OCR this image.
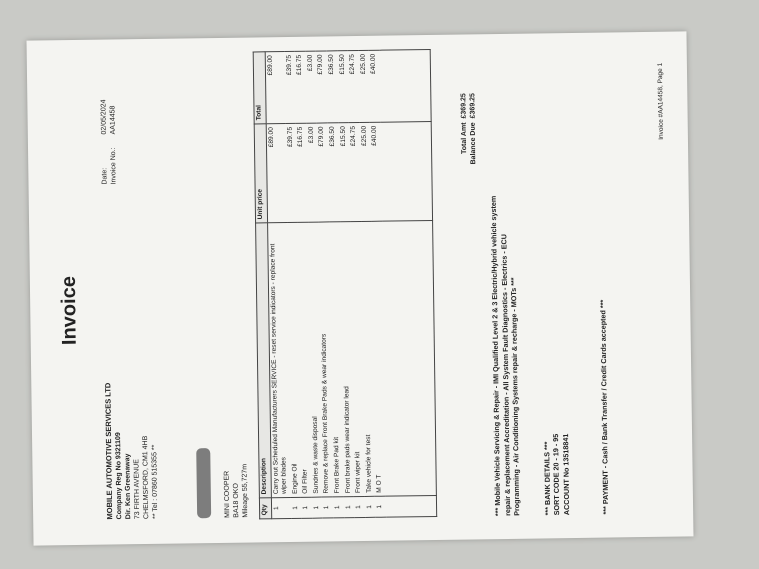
Invoice
MOBILE AUTOMOTIVE SERVICES LTD Company Reg No 9321109 Dir. Ken Greenaway 73 FIRTH AVENUE CHELMSFORD, CM1 4HB ** Tel : 07860 515355 **
Date:
02/05/2024
Invoice No.:
AA14458
MINI COOPER BA18 OKO Mileage 55,727m Qty	Description	Unit price	Total
1	Carry out Scheduled Manufacturers SERVICE - reset service indicators - replace front wiper blades	£89.00	£89.00
1	Engine Oil	£39.75	£39.75
1	Oil Filter	£16.75	£16.75
1	Sundries & waste disposal	£3.00	£3.00
1	Remove & replace Front Brake Pads & wear indicators	£79.00	£79.00
1	Front Brake Pad kit	£36.50	£36.50
1	Front brake pads wear indicator lead	£15.50	£15.50
1	Front wiper kit	£24.75	£24.75
1	Take vehicle for test	£25.00	£25.00
1	M O T	£40.00	£40.00

Total Amt
£369.25
Balance Due
£369.25
*** Mobile Vehicle Servicing & Repair - IMI Qualified Level 2 & 3 Electric/Hybrid vehicle system
repair & replacement Accreditation - All System Fault Diagnostics - Electrics - ECU
Programming - Air Conditioning Systems repair & recharge - MOTs ***	*** BANK DETAILS *** SORT CODE 20 - 19 - 95 ACCOUNT No 13518841	*** PAYMENT - Cash / Bank Transfer / Credit Cards accepted ***
Invoice #AA14458, Page 1
